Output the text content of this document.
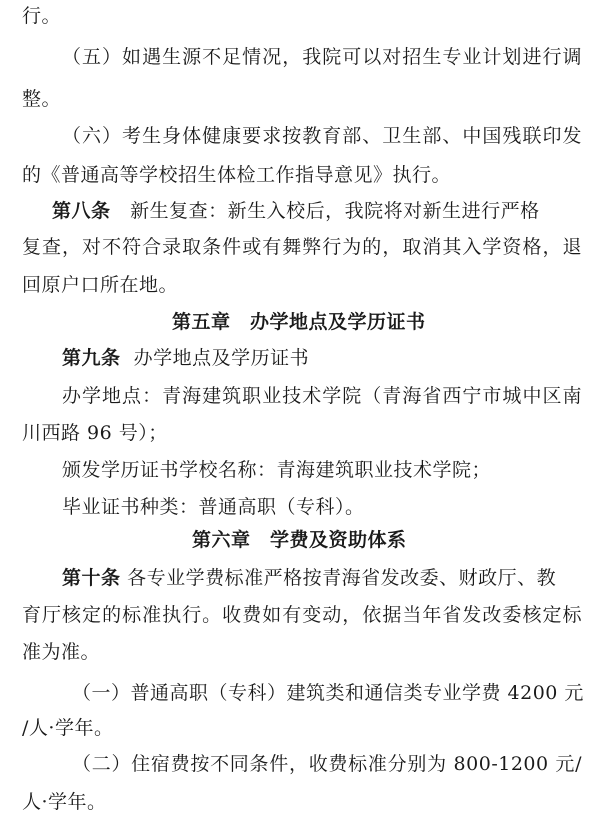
行。
（五）如遇生源不足情况，我院可以对招生专业计划进行调
整。
（六）考生身体健康要求按教育部、卫生部、中国残联印发
的《普通高等学校招生体检工作指导意见》执行。
第八条 新生复查：新生入校后，我院将对新生进行严格
复查，对不符合录取条件或有舞弊行为的，取消其入学资格，退
回原户口所在地。
第五章　办学地点及学历证书
第九条 办学地点及学历证书
办学地点：青海建筑职业技术学院（青海省西宁市城中区南
川西路 96 号）；
颁发学历证书学校名称：青海建筑职业技术学院；
毕业证书种类：普通高职（专科）。
第六章　学费及资助体系
第十条 各专业学费标准严格按青海省发改委、财政厅、教
育厅核定的标准执行。收费如有变动，依据当年省发改委核定标
准为准。
（一）普通高职（专科）建筑类和通信类专业学费 4200 元
/人·学年。
（二）住宿费按不同条件，收费标准分别为 800-1200 元/
人·学年。
